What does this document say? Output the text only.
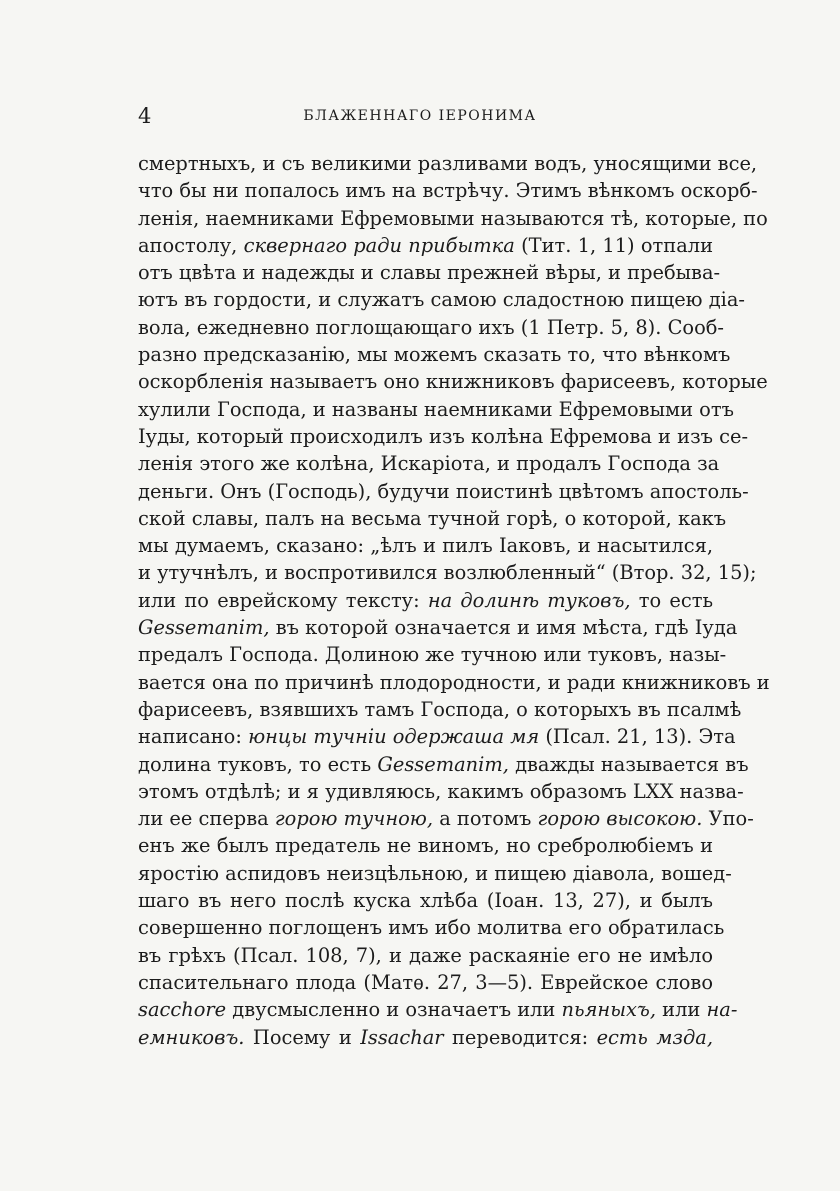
4	БЛАЖЕННАГО ІЕРОНИМА
смертныхъ, и съ великими разливами водъ, уносящими все,
что бы ни попалось имъ на встрѣчу. Этимъ вѣнкомъ оскорб-
ленія, наемниками Ефремовыми называются тѣ, которые, по
апостолу, сквернаго ради прибытка (Тит. 1, 11) отпали
отъ цвѣта и надежды и славы прежней вѣры, и пребыва-
ютъ въ гордости, и служатъ самою сладостною пищею діа-
вола, ежедневно поглощающаго ихъ (1 Петр. 5, 8). Сооб-
разно предсказанію, мы можемъ сказать то, что вѣнкомъ
оскорбленія называетъ оно книжниковъ фарисеевъ, которые
хулили Господа, и названы наемниками Ефремовыми отъ
Іуды, который происходилъ изъ колѣна Ефремова и изъ се-
ленія этого же колѣна, Искаріота, и продалъ Господа за
деньги. Онъ (Господь), будучи поистинѣ цвѣтомъ апостоль-
ской славы, палъ на весьма тучной горѣ, о которой, какъ
мы думаемъ, сказано: „ѣлъ и пилъ Іаковъ, и насытился,
и утучнѣлъ, и воспротивился возлюбленный“ (Втор. 32, 15);
или по еврейскому тексту: на долинѣ туковъ, то есть
Gessemanim, въ которой означается и имя мѣста, гдѣ Іуда
предалъ Господа. Долиною же тучною или туковъ, назы-
вается она по причинѣ плодородности, и ради книжниковъ и
фарисеевъ, взявшихъ тамъ Господа, о которыхъ въ псалмѣ
написано: юнцы тучніи одержаша мя (Псал. 21, 13). Эта
долина туковъ, то есть Gessemanim, дважды называется въ
этомъ отдѣлѣ; и я удивляюсь, какимъ образомъ LXX назва-
ли ее сперва горою тучною, а потомъ горою высокою. Упо-
енъ же былъ предатель не виномъ, но сребролюбіемъ и
яростію аспидовъ неизцѣльною, и пищею діавола, вошед-
шаго въ него послѣ куска хлѣба (Іоан. 13, 27), и былъ
совершенно поглощенъ имъ ибо молитва его обратилась
въ грѣхъ (Псал. 108, 7), и даже раскаяніе его не имѣло
спасительнаго плода (Матѳ. 27, 3—5). Еврейское слово
sacchore двусмысленно и означаетъ или пьяныхъ, или на-
емниковъ. Посему и Issachar переводится: есть мзда,
